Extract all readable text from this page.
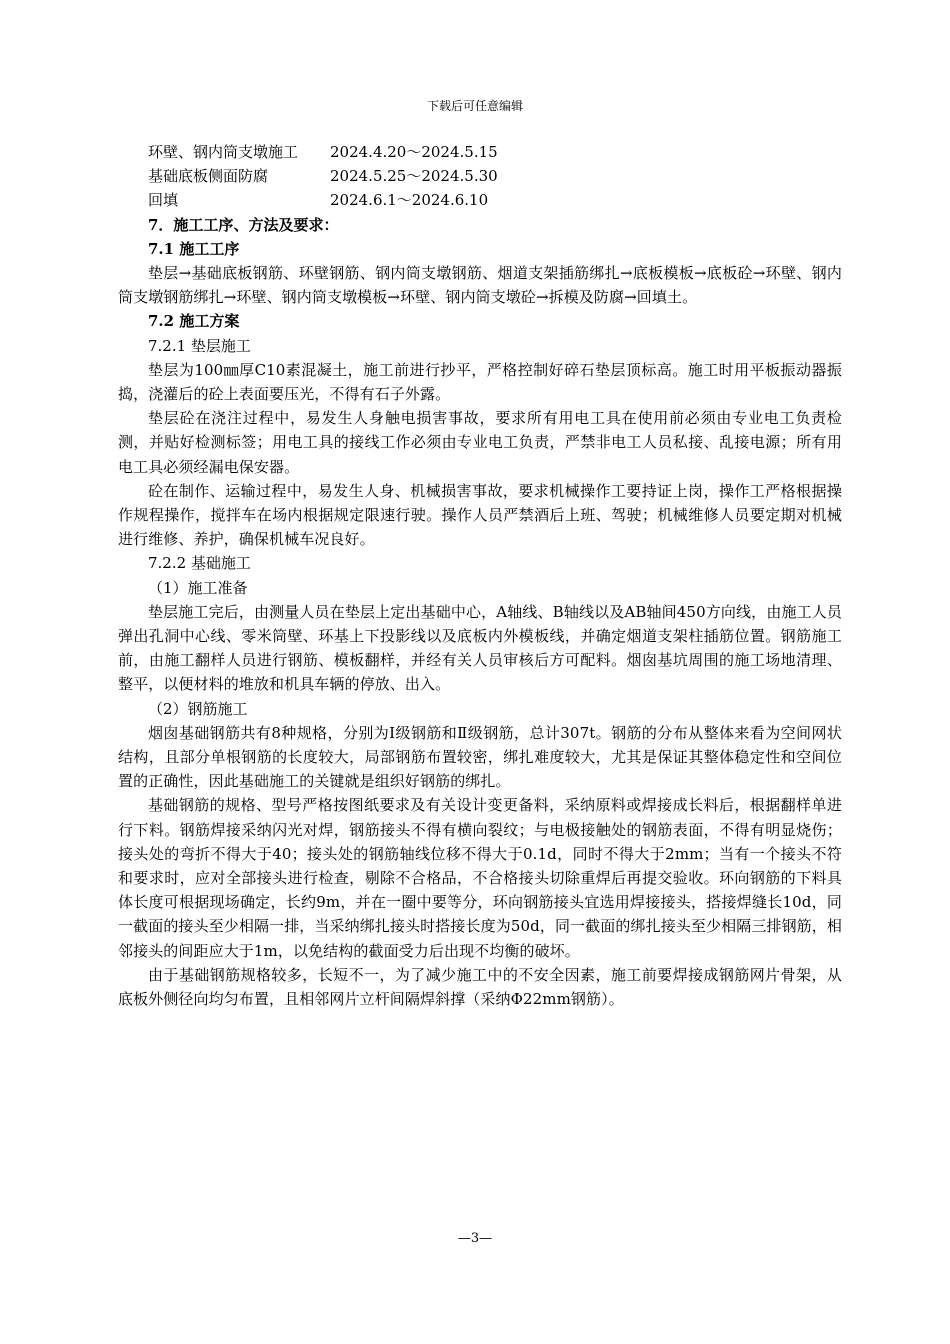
下载后可任意编辑
环壁、钢内筒支墩施工	2024.4.20～2024.5.15
基础底板侧面防腐	2024.5.25～2024.5.30
回填	2024.6.1～2024.6.10

7．施工工序、方法及要求：

7.1 施工工序

垫层→基础底板钢筋、环壁钢筋、钢内筒支墩钢筋、烟道支架插筋绑扎→底板模板→底板砼→环壁、钢内筒支墩钢筋绑扎→环壁、钢内筒支墩模板→环壁、钢内筒支墩砼→拆模及防腐→回填土。

7.2 施工方案

7.2.1 垫层施工

垫层为100㎜厚C10素混凝土，施工前进行抄平，严格控制好碎石垫层顶标高。施工时用平板振动器振捣，浇灌后的砼上表面要压光，不得有石子外露。

垫层砼在浇注过程中，易发生人身触电损害事故，要求所有用电工具在使用前必须由专业电工负责检测，并贴好检测标签；用电工具的接线工作必须由专业电工负责，严禁非电工人员私接、乱接电源；所有用电工具必须经漏电保安器。

砼在制作、运输过程中，易发生人身、机械损害事故，要求机械操作工要持证上岗，操作工严格根据操作规程操作，搅拌车在场内根据规定限速行驶。操作人员严禁酒后上班、驾驶；机械维修人员要定期对机械进行维修、养护，确保机械车况良好。

7.2.2 基础施工

（1）施工准备

垫层施工完后，由测量人员在垫层上定出基础中心，A轴线、B轴线以及AB轴间450方向线，由施工人员弹出孔洞中心线、零米筒壁、环基上下投影线以及底板内外模板线，并确定烟道支架柱插筋位置。钢筋施工前，由施工翻样人员进行钢筋、模板翻样，并经有关人员审核后方可配料。烟囱基坑周围的施工场地清理、整平，以便材料的堆放和机具车辆的停放、出入。

（2）钢筋施工

烟囱基础钢筋共有8种规格，分别为Ⅰ级钢筋和Ⅱ级钢筋，总计307t。钢筋的分布从整体来看为空间网状结构，且部分单根钢筋的长度较大，局部钢筋布置较密，绑扎难度较大，尤其是保证其整体稳定性和空间位置的正确性，因此基础施工的关键就是组织好钢筋的绑扎。

基础钢筋的规格、型号严格按图纸要求及有关设计变更备料，采纳原料或焊接成长料后，根据翻样单进行下料。钢筋焊接采纳闪光对焊，钢筋接头不得有横向裂纹；与电极接触处的钢筋表面，不得有明显烧伤；接头处的弯折不得大于40；接头处的钢筋轴线位移不得大于0.1d，同时不得大于2mm；当有一个接头不符和要求时，应对全部接头进行检查，剔除不合格品，不合格接头切除重焊后再提交验收。环向钢筋的下料具体长度可根据现场确定，长约9m，并在一圈中要等分，环向钢筋接头宜选用焊接接头，搭接焊缝长10d，同一截面的接头至少相隔一排，当采纳绑扎接头时搭接长度为50d，同一截面的绑扎接头至少相隔三排钢筋，相邻接头的间距应大于1m，以免结构的截面受力后出现不均衡的破坏。

由于基础钢筋规格较多，长短不一，为了减少施工中的不安全因素，施工前要焊接成钢筋网片骨架，从底板外侧径向均匀布置，且相邻网片立杆间隔焊斜撑（采纳Φ22mm钢筋）。

—3—
